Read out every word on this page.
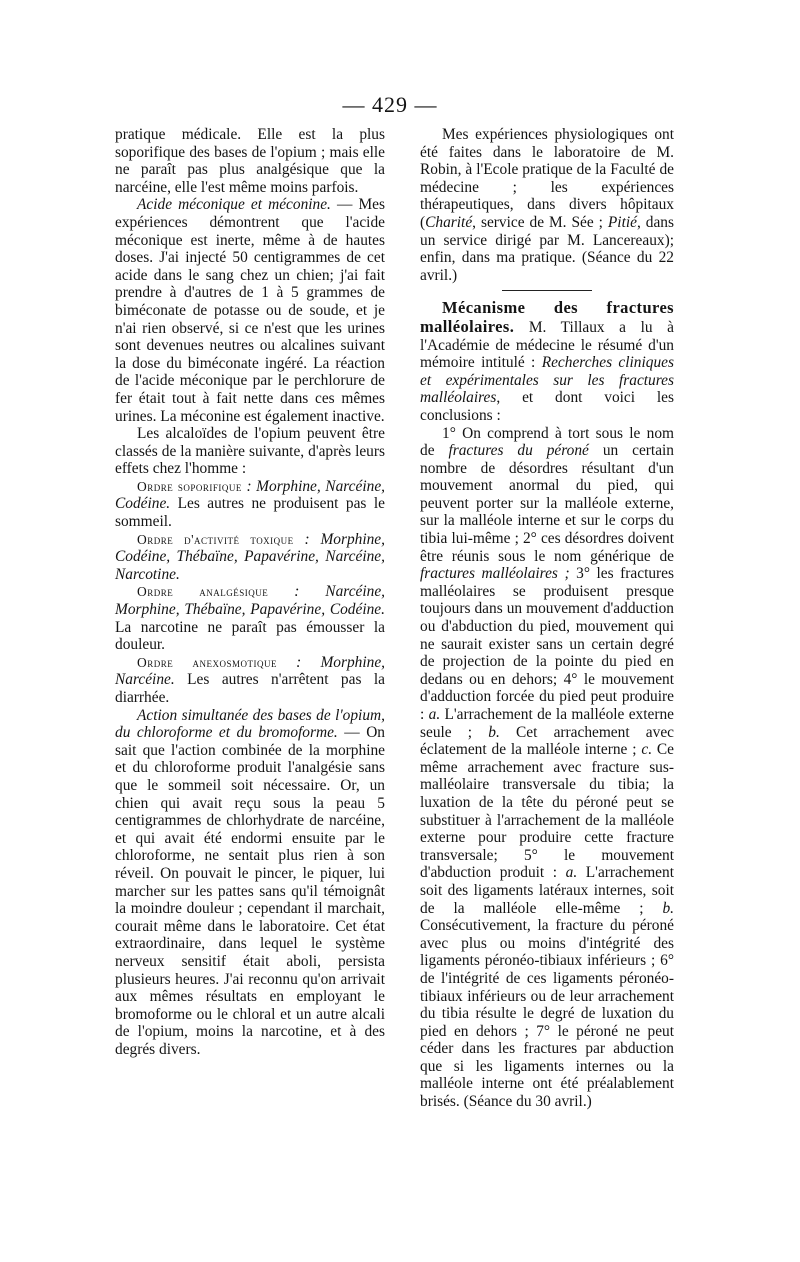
— 429 —

pratique médicale. Elle est la plus soporifique des bases de l'opium ; mais elle ne paraît pas plus analgésique que la narcéine, elle l'est même moins parfois.

Acide méconique et méconine. — Mes expériences démontrent que l'acide méconique est inerte, même à de hautes doses. J'ai injecté 50 centigrammes de cet acide dans le sang chez un chien; j'ai fait prendre à d'autres de 1 à 5 grammes de biméconate de potasse ou de soude, et je n'ai rien observé, si ce n'est que les urines sont devenues neutres ou alcalines suivant la dose du biméconate ingéré. La réaction de l'acide méconique par le perchlorure de fer était tout à fait nette dans ces mêmes urines. La méconine est également inactive.

Les alcaloïdes de l'opium peuvent être classés de la manière suivante, d'après leurs effets chez l'homme :

Ordre soporifique : Morphine, Narcéine, Codéine. Les autres ne produisent pas le sommeil.

Ordre d'activité toxique : Morphine, Codéine, Thébaïne, Papavérine, Narcéine, Narcotine.

Ordre analgésique : Narcéine, Morphine, Thébaïne, Papavérine, Codéine. La narcotine ne paraît pas émousser la douleur.

Ordre anexosmotique : Morphine, Narcéine. Les autres n'arrêtent pas la diarrhée.

Action simultanée des bases de l'opium, du chloroforme et du bromoforme. — On sait que l'action combinée de la morphine et du chloroforme produit l'analgésie sans que le sommeil soit nécessaire. Or, un chien qui avait reçu sous la peau 5 centigrammes de chlorhydrate de narcéine, et qui avait été endormi ensuite par le chloroforme, ne sentait plus rien à son réveil. On pouvait le pincer, le piquer, lui marcher sur les pattes sans qu'il témoignât la moindre douleur ; cependant il marchait, courait même dans le laboratoire. Cet état extraordinaire, dans lequel le système nerveux sensitif était aboli, persista plusieurs heures. J'ai reconnu qu'on arrivait aux mêmes résultats en employant le bromoforme ou le chloral et un autre alcali de l'opium, moins la narcotine, et à des degrés divers.

Mes expériences physiologiques ont été faites dans le laboratoire de M. Robin, à l'Ecole pratique de la Faculté de médecine ; les expériences thérapeutiques, dans divers hôpitaux (Charité, service de M. Sée ; Pitié, dans un service dirigé par M. Lancereaux); enfin, dans ma pratique. (Séance du 22 avril.)

Mécanisme des fractures malléolaires. M. Tillaux a lu à l'Académie de médecine le résumé d'un mémoire intitulé : Recherches cliniques et expérimentales sur les fractures malléolaires, et dont voici les conclusions :

1° On comprend à tort sous le nom de fractures du péroné un certain nombre de désordres résultant d'un mouvement anormal du pied, qui peuvent porter sur la malléole externe, sur la malléole interne et sur le corps du tibia lui-même ; 2° ces désordres doivent être réunis sous le nom générique de fractures malléolaires ; 3° les fractures malléolaires se produisent presque toujours dans un mouvement d'adduction ou d'abduction du pied, mouvement qui ne saurait exister sans un certain degré de projection de la pointe du pied en dedans ou en dehors; 4° le mouvement d'adduction forcée du pied peut produire : a. L'arrachement de la malléole externe seule ; b. Cet arrachement avec éclatement de la malléole interne ; c. Ce même arrachement avec fracture sus-malléolaire transversale du tibia; la luxation de la tête du péroné peut se substituer à l'arrachement de la malléole externe pour produire cette fracture transversale; 5° le mouvement d'abduction produit : a. L'arrachement soit des ligaments latéraux internes, soit de la malléole elle-même ; b. Consécutivement, la fracture du péroné avec plus ou moins d'intégrité des ligaments péronéo-tibiaux inférieurs ; 6° de l'intégrité de ces ligaments péronéo-tibiaux inférieurs ou de leur arrachement du tibia résulte le degré de luxation du pied en dehors ; 7° le péroné ne peut céder dans les fractures par abduction que si les ligaments internes ou la malléole interne ont été préalablement brisés. (Séance du 30 avril.)
